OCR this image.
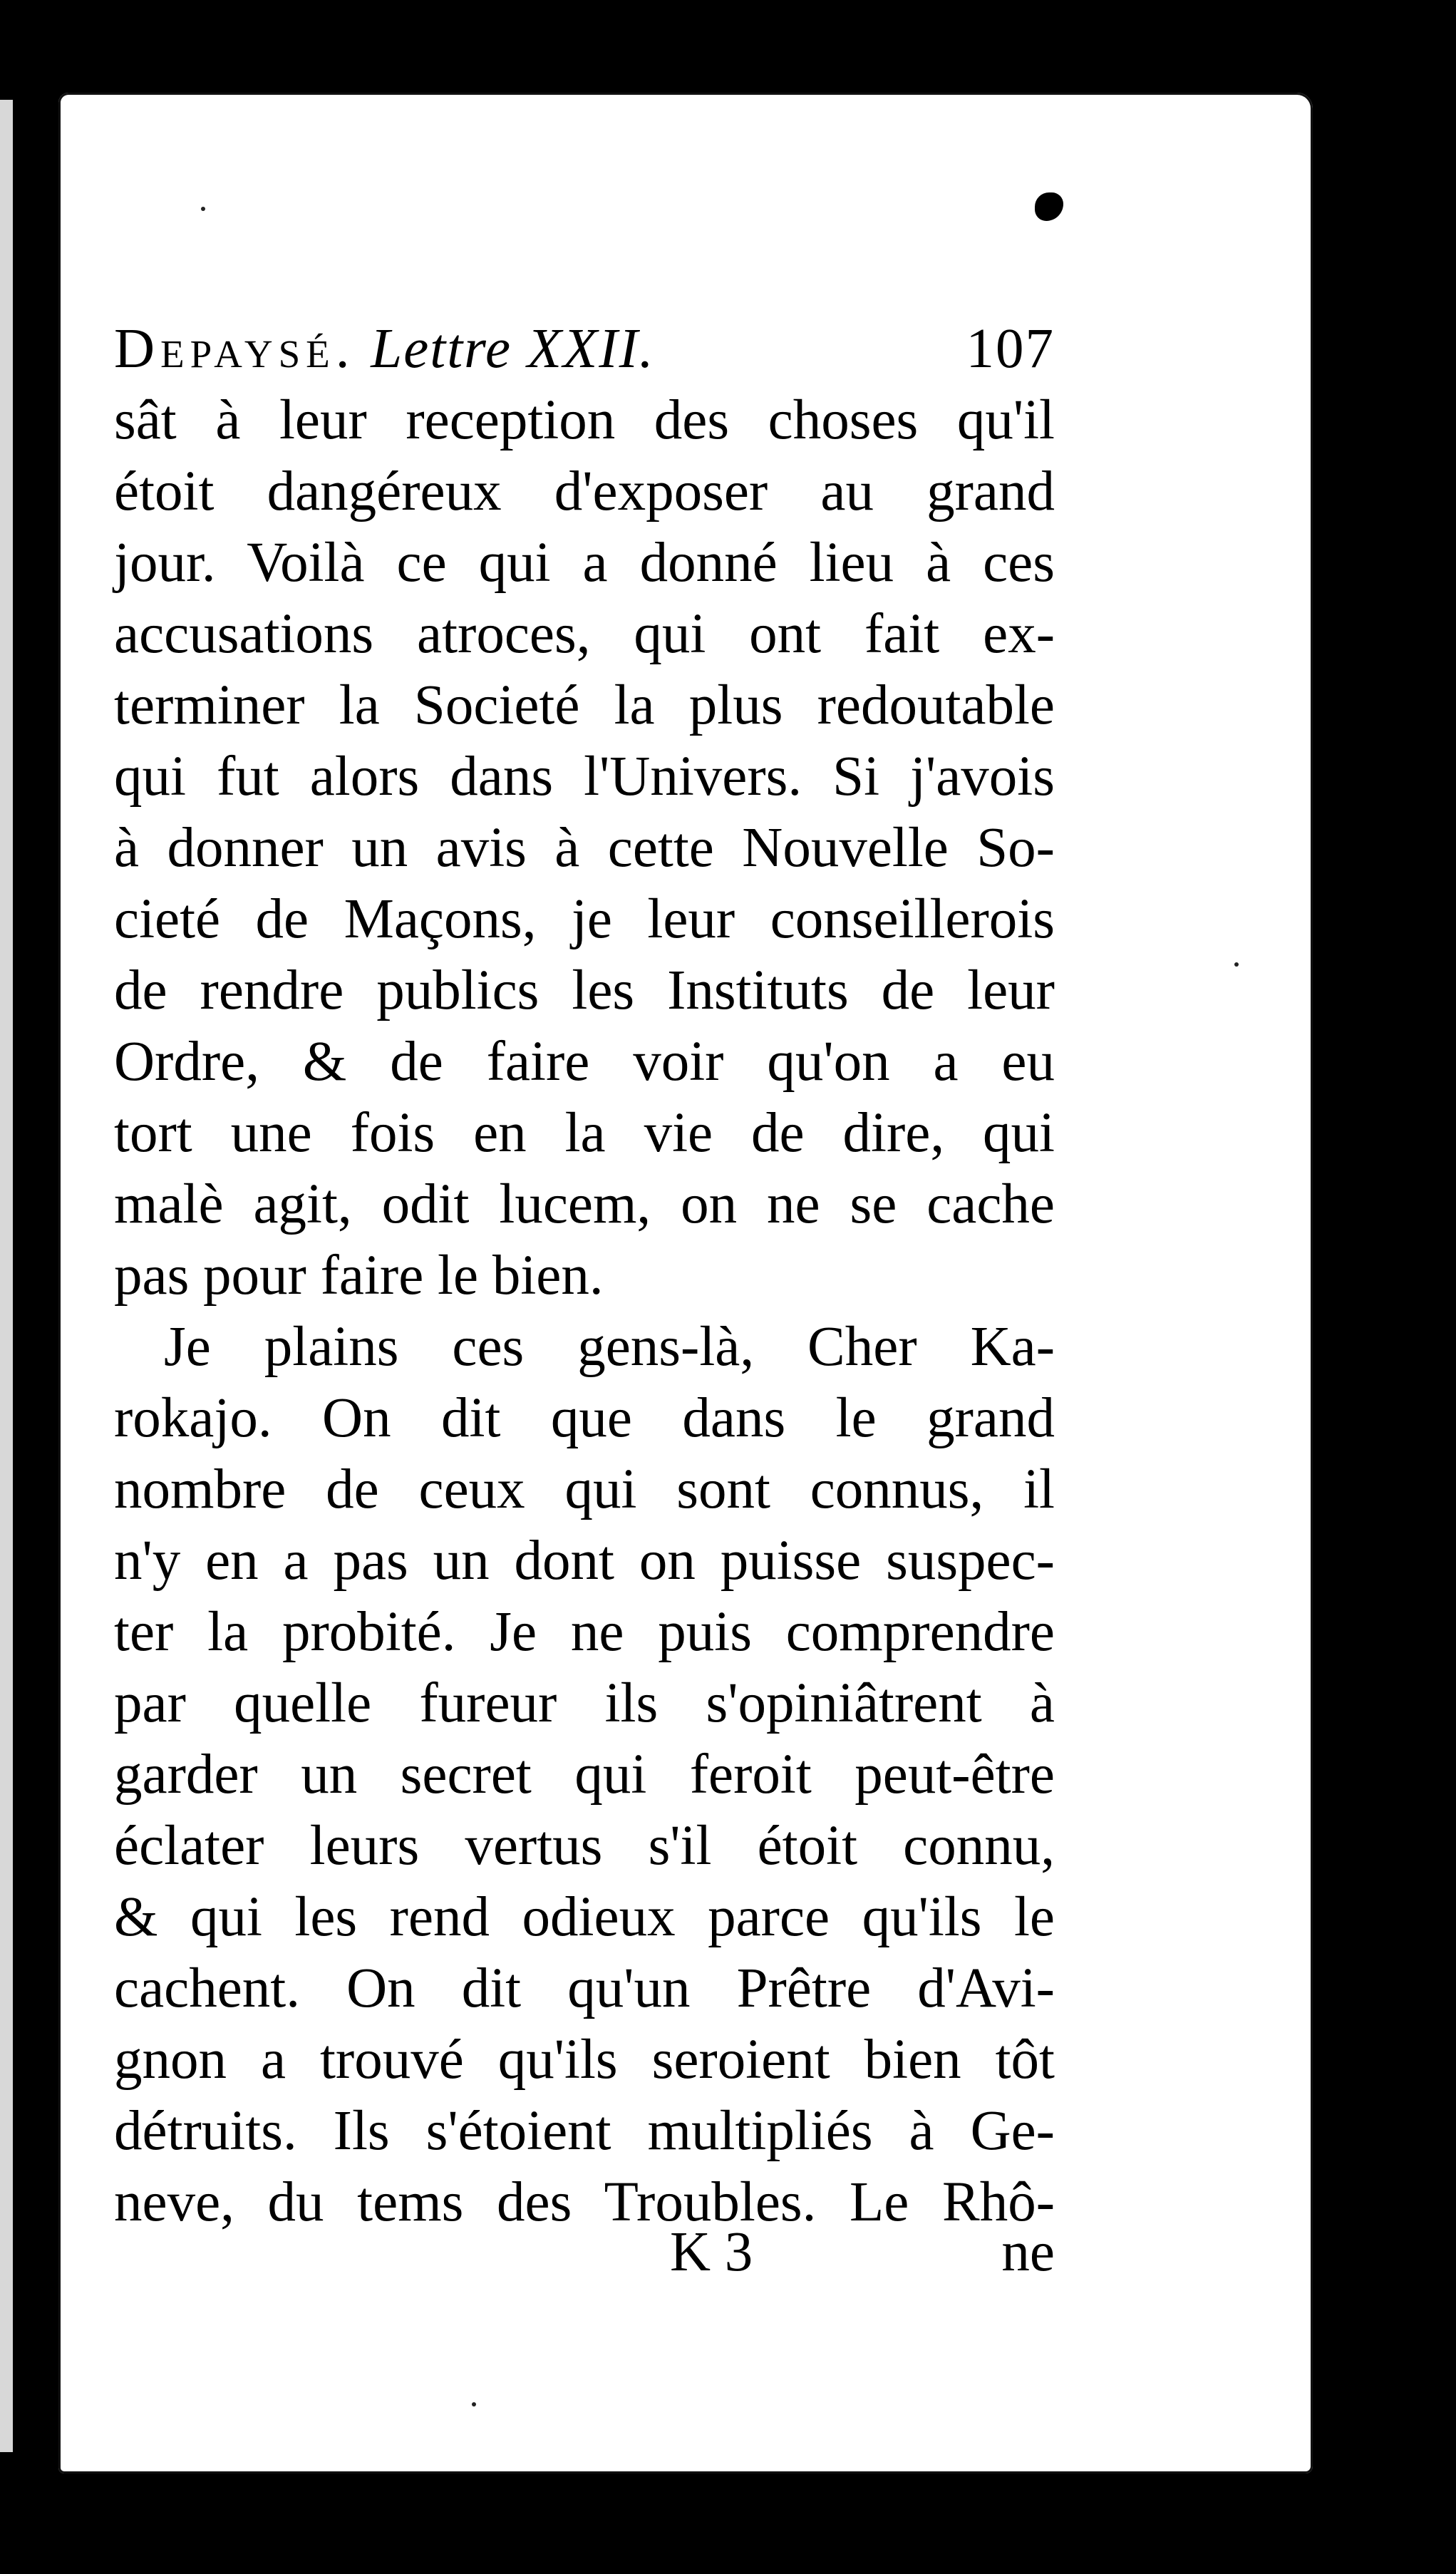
Depaysé. Lettre XXII.	107
sât à leur reception des choses qu'il
étoit dangéreux d'exposer au grand
jour. Voilà ce qui a donné lieu à ces
accusations atroces, qui ont fait ex-
terminer la Societé la plus redoutable
qui fut alors dans l'Univers. Si j'avois
à donner un avis à cette Nouvelle So-
cieté de Maçons, je leur conseillerois
de rendre publics les Instituts de leur
Ordre, & de faire voir qu'on a eu
tort une fois en la vie de dire, qui
malè agit, odit lucem, on ne se cache
pas pour faire le bien.
Je plains ces gens-là, Cher Ka-
rokajo. On dit que dans le grand
nombre de ceux qui sont connus, il
n'y en a pas un dont on puisse suspec-
ter la probité. Je ne puis comprendre
par quelle fureur ils s'opiniâtrent à
garder un secret qui feroit peut-être
éclater leurs vertus s'il étoit connu,
& qui les rend odieux parce qu'ils le
cachent. On dit qu'un Prêtre d'Avi-
gnon a trouvé qu'ils seroient bien tôt
détruits. Ils s'étoient multipliés à Ge-
neve, du tems des Troubles. Le Rhô-
K 3	ne
